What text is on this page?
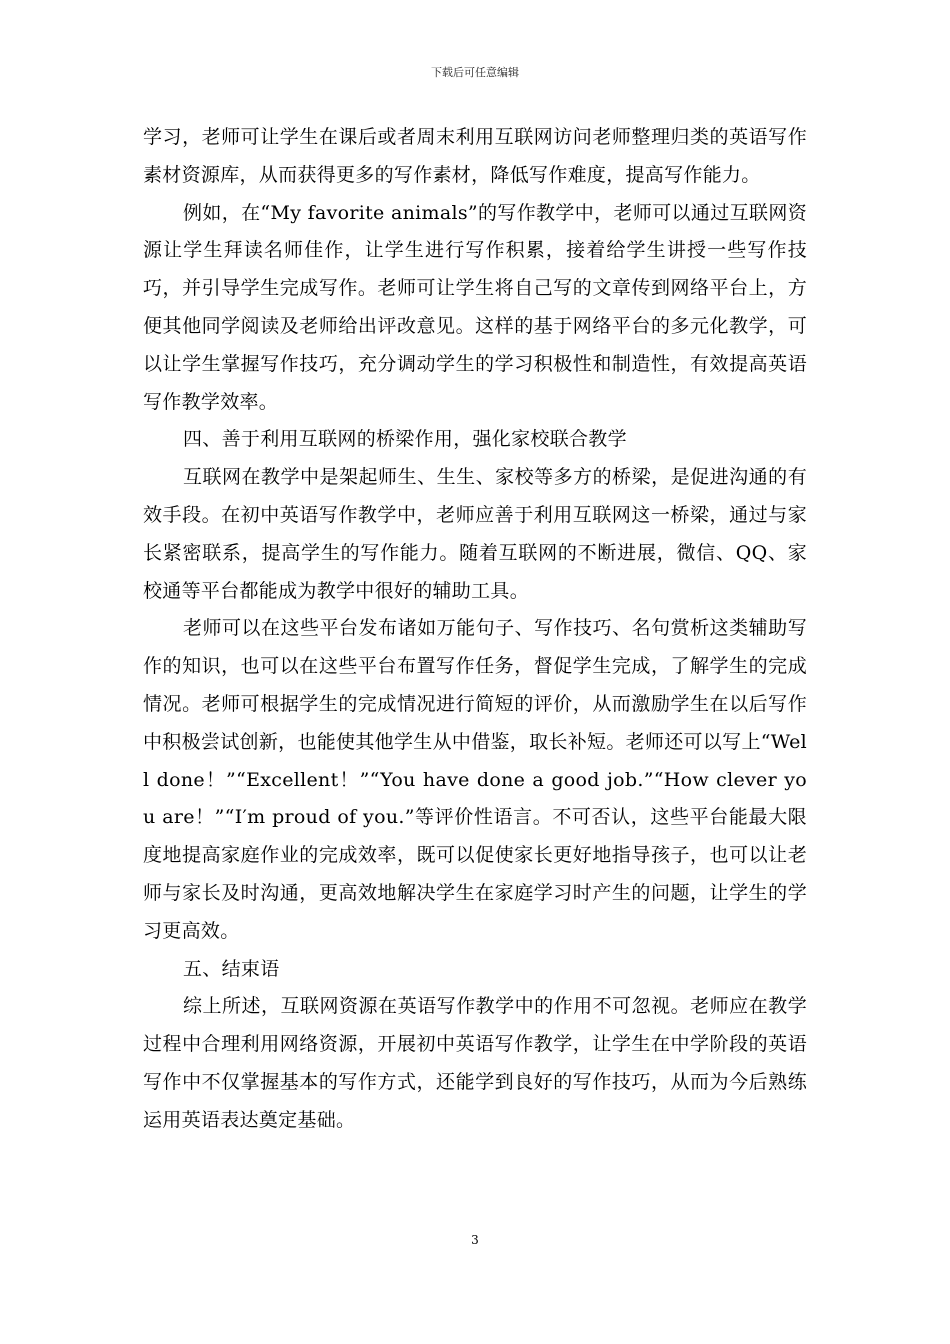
下载后可任意编辑

学习，老师可让学生在课后或者周末利用互联网访问老师整理归类的英语写作素材资源库，从而获得更多的写作素材，降低写作难度，提高写作能力。

例如，在“My favorite animals”的写作教学中，老师可以通过互联网资源让学生拜读名师佳作，让学生进行写作积累，接着给学生讲授一些写作技巧，并引导学生完成写作。老师可让学生将自己写的文章传到网络平台上，方便其他同学阅读及老师给出评改意见。这样的基于网络平台的多元化教学，可以让学生掌握写作技巧，充分调动学生的学习积极性和制造性，有效提高英语写作教学效率。

四、善于利用互联网的桥梁作用，强化家校联合教学

互联网在教学中是架起师生、生生、家校等多方的桥梁，是促进沟通的有效手段。在初中英语写作教学中，老师应善于利用互联网这一桥梁，通过与家长紧密联系，提高学生的写作能力。随着互联网的不断进展，微信、QQ、家校通等平台都能成为教学中很好的辅助工具。

老师可以在这些平台发布诸如万能句子、写作技巧、名句赏析这类辅助写作的知识，也可以在这些平台布置写作任务，督促学生完成，了解学生的完成情况。老师可根据学生的完成情况进行简短的评价，从而激励学生在以后写作中积极尝试创新，也能使其他学生从中借鉴，取长补短。老师还可以写上“Well done！”“Excellent！”“You have done a good job.”“How clever you are！”“I′m proud of you.”等评价性语言。不可否认，这些平台能最大限度地提高家庭作业的完成效率，既可以促使家长更好地指导孩子，也可以让老师与家长及时沟通，更高效地解决学生在家庭学习时产生的问题，让学生的学习更高效。

五、结束语

综上所述，互联网资源在英语写作教学中的作用不可忽视。老师应在教学过程中合理利用网络资源，开展初中英语写作教学，让学生在中学阶段的英语写作中不仅掌握基本的写作方式，还能学到良好的写作技巧，从而为今后熟练运用英语表达奠定基础。

3
